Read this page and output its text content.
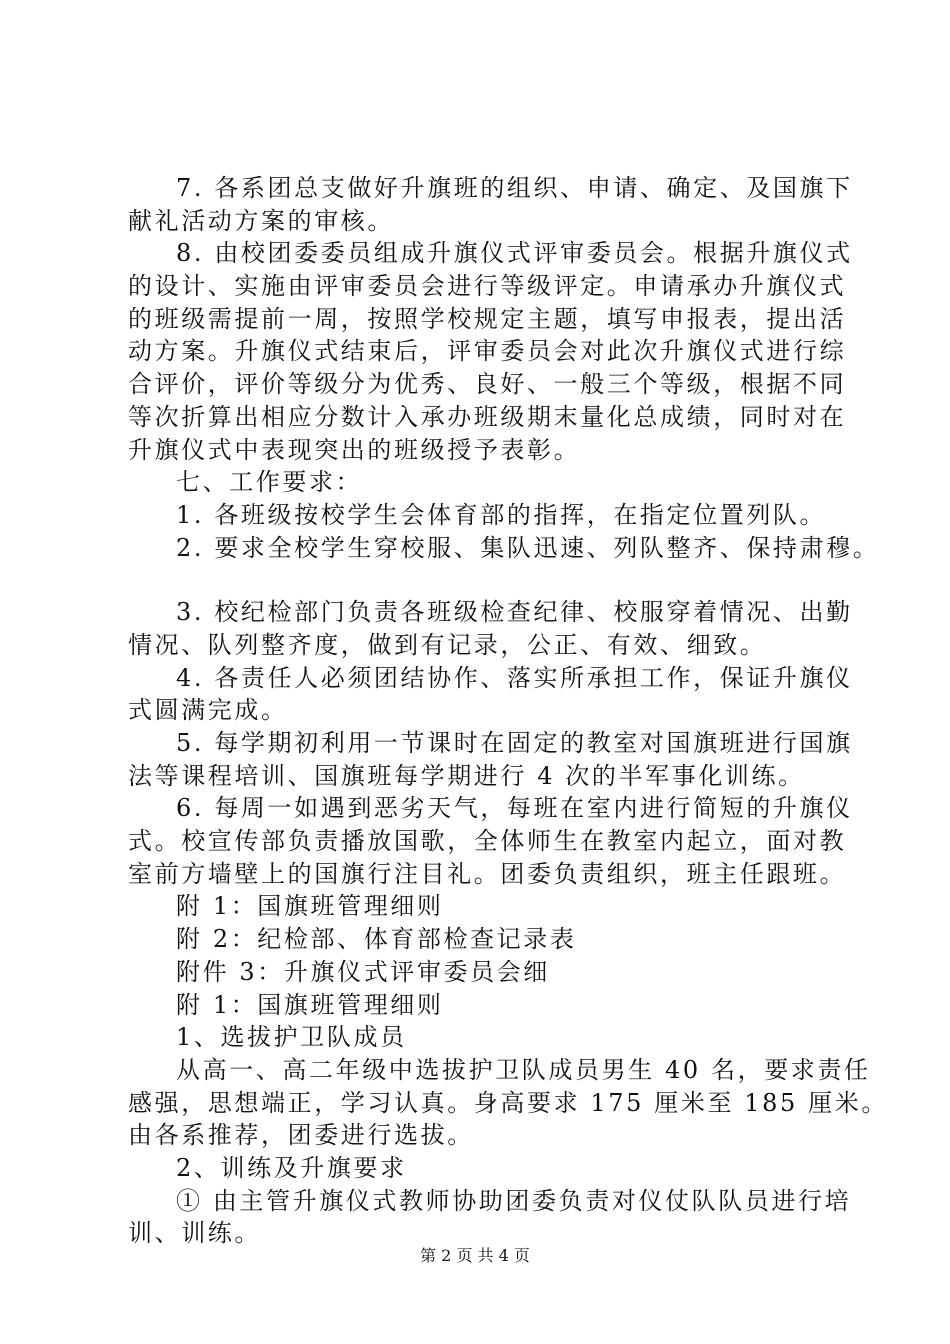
7. 各系团总支做好升旗班的组织、申请、确定、及国旗下
献礼活动方案的审核。
8. 由校团委委员组成升旗仪式评审委员会。根据升旗仪式
的设计、实施由评审委员会进行等级评定。申请承办升旗仪式
的班级需提前一周，按照学校规定主题，填写申报表，提出活
动方案。升旗仪式结束后，评审委员会对此次升旗仪式进行综
合评价，评价等级分为优秀、良好、一般三个等级，根据不同
等次折算出相应分数计入承办班级期末量化总成绩，同时对在
升旗仪式中表现突出的班级授予表彰。
七、工作要求：
1. 各班级按校学生会体育部的指挥，在指定位置列队。
2. 要求全校学生穿校服、集队迅速、列队整齐、保持肃穆。
3. 校纪检部门负责各班级检查纪律、校服穿着情况、出勤
情况、队列整齐度，做到有记录，公正、有效、细致。
4. 各责任人必须团结协作、落实所承担工作，保证升旗仪
式圆满完成。
5. 每学期初利用一节课时在固定的教室对国旗班进行国旗
法等课程培训、国旗班每学期进行 4 次的半军事化训练。
6. 每周一如遇到恶劣天气，每班在室内进行简短的升旗仪
式。校宣传部负责播放国歌，全体师生在教室内起立，面对教
室前方墙壁上的国旗行注目礼。团委负责组织，班主任跟班。
附 1：国旗班管理细则
附 2：纪检部、体育部检查记录表
附件 3：升旗仪式评审委员会细
附 1：国旗班管理细则
1、选拔护卫队成员
从高一、高二年级中选拔护卫队成员男生 40 名，要求责任
感强，思想端正，学习认真。身高要求 175 厘米至 185 厘米。
由各系推荐，团委进行选拔。
2、训练及升旗要求
① 由主管升旗仪式教师协助团委负责对仪仗队队员进行培
训、训练。
第 2 页 共 4 页
